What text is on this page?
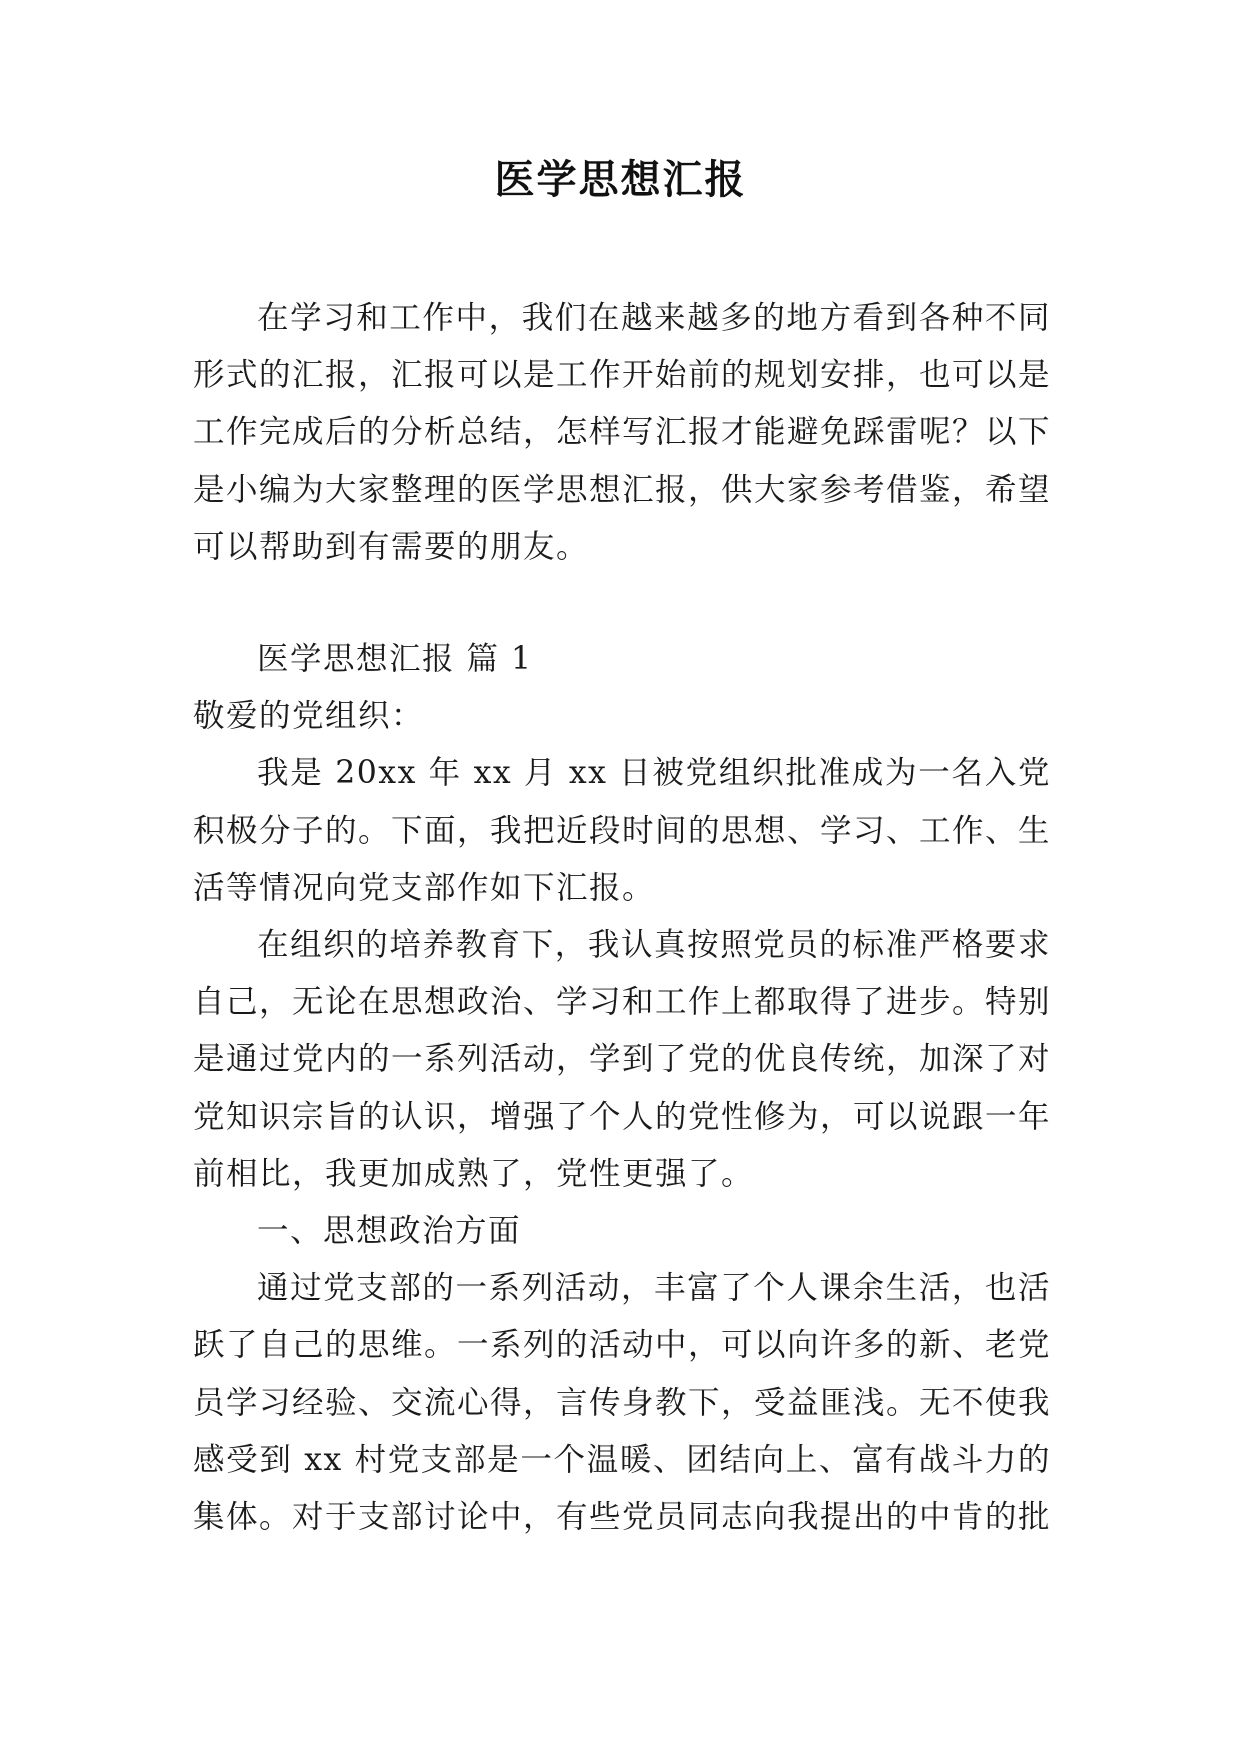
医学思想汇报

在学习和工作中，我们在越来越多的地方看到各种不同形式的汇报，汇报可以是工作开始前的规划安排，也可以是工作完成后的分析总结，怎样写汇报才能避免踩雷呢？以下是小编为大家整理的医学思想汇报，供大家参考借鉴，希望可以帮助到有需要的朋友。

医学思想汇报 篇 1

敬爱的党组织：

我是 20xx 年 xx 月 xx 日被党组织批准成为一名入党积极分子的。下面，我把近段时间的思想、学习、工作、生活等情况向党支部作如下汇报。

在组织的培养教育下，我认真按照党员的标准严格要求自己，无论在思想政治、学习和工作上都取得了进步。特别是通过党内的一系列活动，学到了党的优良传统，加深了对党知识宗旨的认识，增强了个人的党性修为，可以说跟一年前相比，我更加成熟了，党性更强了。

一、思想政治方面

通过党支部的一系列活动，丰富了个人课余生活，也活跃了自己的思维。一系列的活动中，可以向许多的新、老党员学习经验、交流心得，言传身教下，受益匪浅。无不使我感受到 xx 村党支部是一个温暖、团结向上、富有战斗力的集体。对于支部讨论中，有些党员同志向我提出的中肯的批
